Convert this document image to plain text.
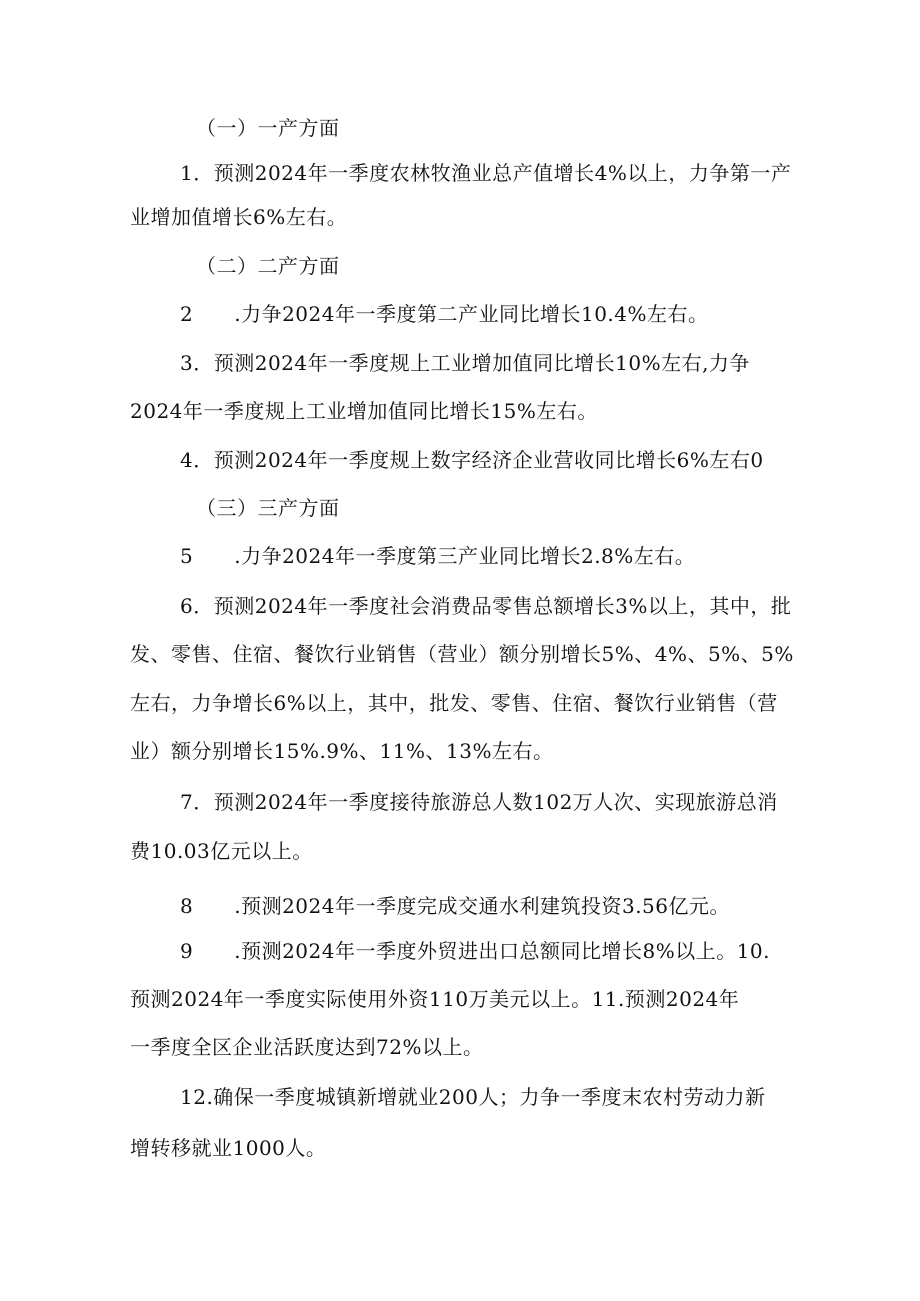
（一）一产方面
1．预测2024年一季度农林牧渔业总产值增长4%以上，力争第一产
业增加值增长6%左右。
（二）二产方面
2　　.力争2024年一季度第二产业同比增长10.4%左右。
3．预测2024年一季度规上工业增加值同比增长10%左右,力争
2024年一季度规上工业增加值同比增长15%左右。
4．预测2024年一季度规上数字经济企业营收同比增长6%左右0
（三）三产方面
5　　.力争2024年一季度第三产业同比增长2.8%左右。
6．预测2024年一季度社会消费品零售总额增长3%以上，其中，批
发、零售、住宿、餐饮行业销售（营业）额分别增长5%、4%、5%、5%
左右，力争增长6%以上，其中，批发、零售、住宿、餐饮行业销售（营
业）额分别增长15%.9%、11%、13%左右。
7．预测2024年一季度接待旅游总人数102万人次、实现旅游总消
费10.03亿元以上。
8　　.预测2024年一季度完成交通水利建筑投资3.56亿元。
9　　.预测2024年一季度外贸进出口总额同比增长8%以上。10.
预测2024年一季度实际使用外资110万美元以上。11.预测2024年
一季度全区企业活跃度达到72%以上。
12.确保一季度城镇新增就业200人；力争一季度末农村劳动力新
增转移就业1000人。
